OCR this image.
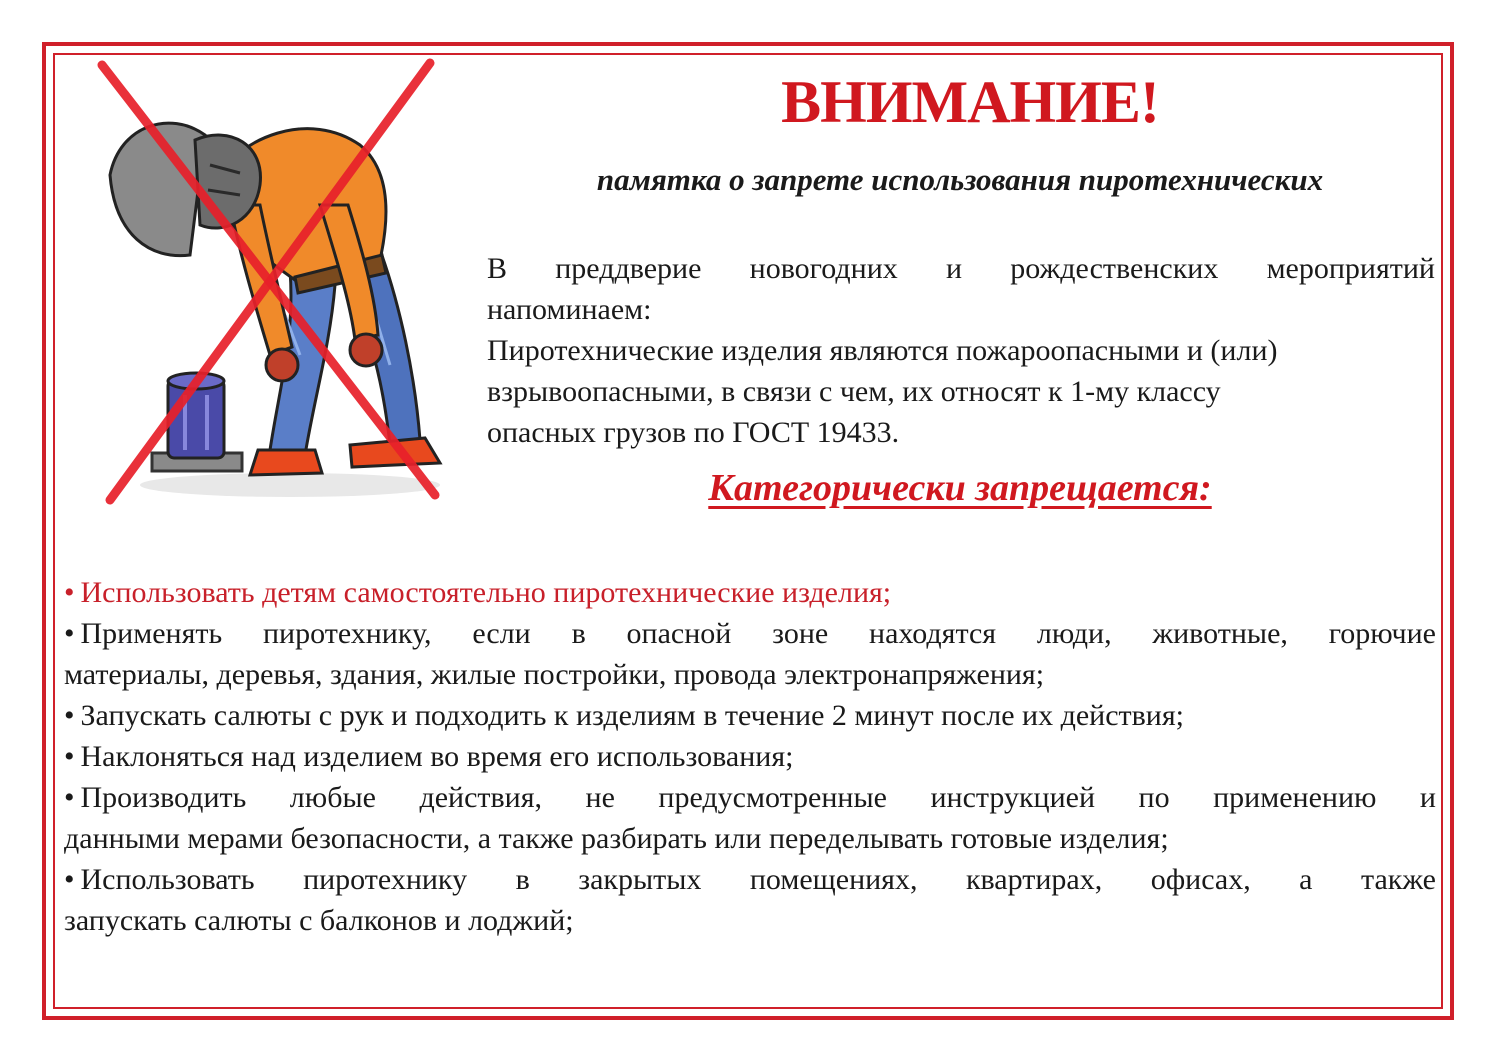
ВНИМАНИЕ!

памятка о запрете использования пиротехнических

В преддверие новогодних и рождественских мероприятий
напоминаем:
Пиротехнические изделия являются пожароопасными и (или)
взрывоопасными, в связи с чем, их относят к 1-му классу
опасных грузов по ГОСТ 19433.

Категорически запрещается:

• Использовать детям самостоятельно пиротехнические изделия;
• Применять пиротехнику, если в опасной зоне находятся люди, животные, горючие
материалы, деревья, здания, жилые постройки, провода электронапряжения;
• Запускать салюты с рук и подходить к изделиям в течение 2 минут после их действия;
• Наклоняться над изделием во время его использования;
• Производить любые действия, не предусмотренные инструкцией по применению и
данными мерами безопасности, а также разбирать или переделывать готовые изделия;
• Использовать пиротехнику в закрытых помещениях, квартирах, офисах, а также
запускать салюты с балконов и лоджий;
